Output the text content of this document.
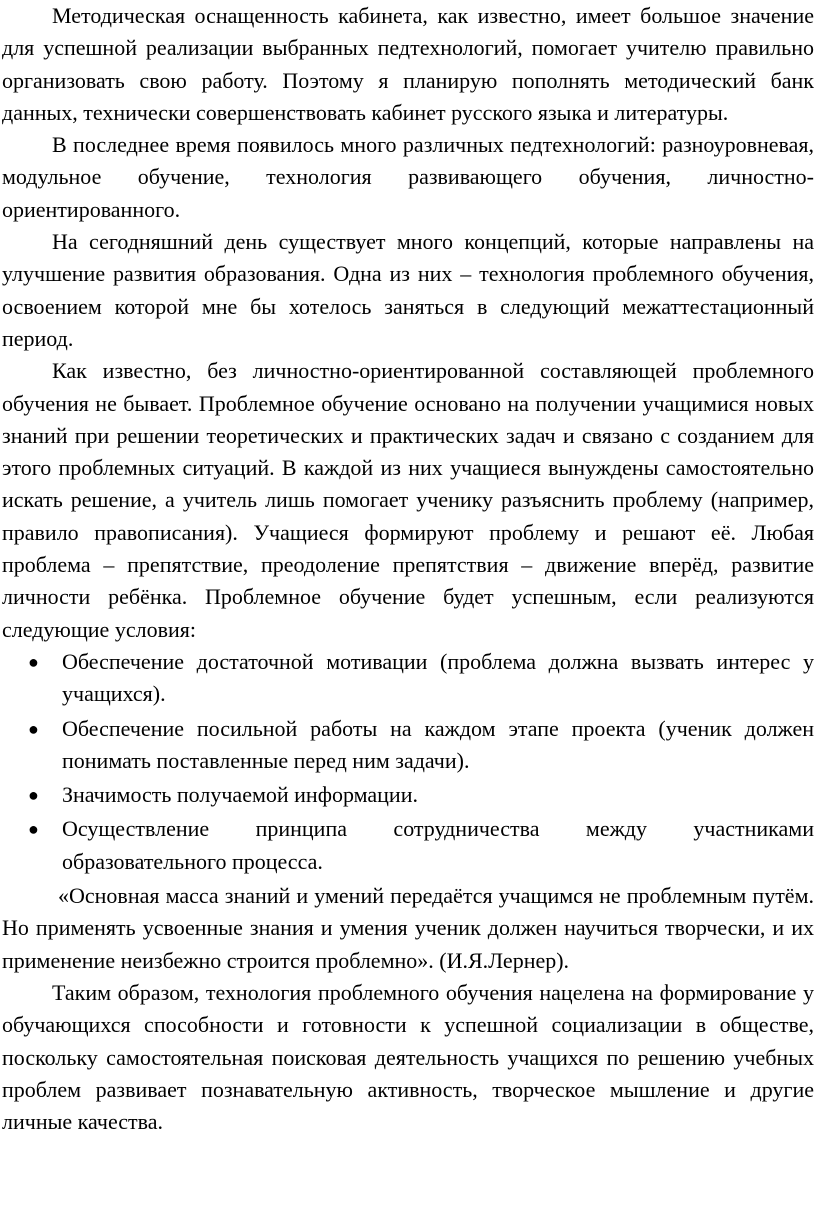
Методическая оснащенность кабинета, как известно, имеет большое значение для успешной реализации выбранных педтехнологий, помогает учителю правильно организовать свою работу. Поэтому я планирую пополнять методический банк данных, технически совершенствовать кабинет русского языка и литературы.

В последнее время появилось много различных педтехнологий: разноуровневая, модульное обучение, технология развивающего обучения, личностно-ориентированного.

На сегодняшний день существует много концепций, которые направлены на улучшение развития образования. Одна из них – технология проблемного обучения, освоением которой мне бы хотелось заняться в следующий межаттестационный период.

Как известно, без личностно-ориентированной составляющей проблемного обучения не бывает. Проблемное обучение основано на получении учащимися новых знаний при решении теоретических и практических задач и связано с созданием для этого проблемных ситуаций. В каждой из них учащиеся вынуждены самостоятельно искать решение, а учитель лишь помогает ученику разъяснить проблему (например, правило правописания). Учащиеся формируют проблему и решают её. Любая проблема – препятствие, преодоление препятствия – движение вперёд, развитие личности ребёнка. Проблемное обучение будет успешным, если реализуются следующие условия:

● Обеспечение достаточной мотивации (проблема должна вызвать интерес у учащихся).
● Обеспечение посильной работы на каждом этапе проекта (ученик должен понимать поставленные перед ним задачи).
● Значимость получаемой информации.
● Осуществление принципа сотрудничества между участниками образовательного процесса.

«Основная масса знаний и умений передаётся учащимся не проблемным путём. Но применять усвоенные знания и умения ученик должен научиться творчески, и их применение неизбежно строится проблемно». (И.Я.Лернер).

Таким образом, технология проблемного обучения нацелена на формирование у обучающихся способности и готовности к успешной социализации в обществе, поскольку самостоятельная поисковая деятельность учащихся по решению учебных проблем развивает познавательную активность, творческое мышление и другие личные качества.
